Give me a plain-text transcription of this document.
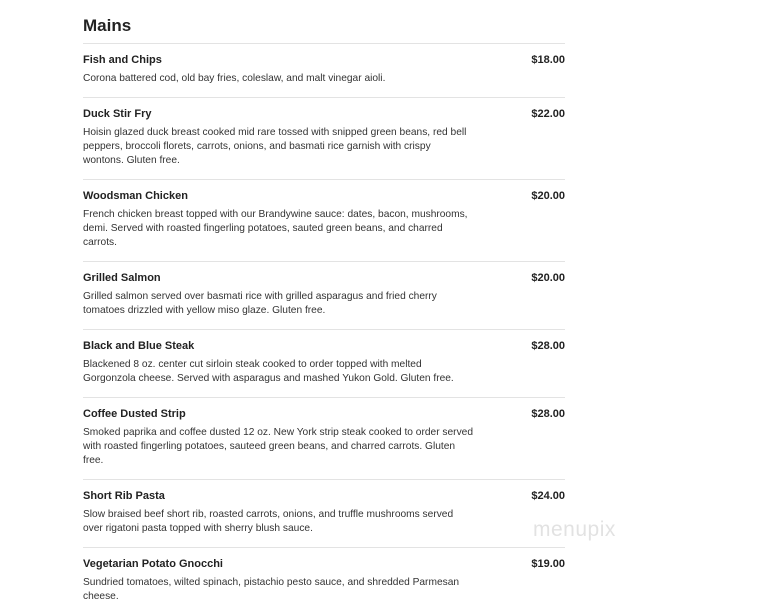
Mains
Fish and Chips	$18.00
Corona battered cod, old bay fries, coleslaw, and malt vinegar aioli.
Duck Stir Fry	$22.00
Hoisin glazed duck breast cooked mid rare tossed with snipped green beans, red bell peppers, broccoli florets, carrots, onions, and basmati rice garnish with crispy wontons. Gluten free.
Woodsman Chicken	$20.00
French chicken breast topped with our Brandywine sauce: dates, bacon, mushrooms, demi. Served with roasted fingerling potatoes, sauted green beans, and charred carrots.
Grilled Salmon	$20.00
Grilled salmon served over basmati rice with grilled asparagus and fried cherry tomatoes drizzled with yellow miso glaze. Gluten free.
Black and Blue Steak	$28.00
Blackened 8 oz. center cut sirloin steak cooked to order topped with melted Gorgonzola cheese. Served with asparagus and mashed Yukon Gold. Gluten free.
Coffee Dusted Strip	$28.00
Smoked paprika and coffee dusted 12 oz. New York strip steak cooked to order served with roasted fingerling potatoes, sauteed green beans, and charred carrots. Gluten free.
Short Rib Pasta	$24.00
Slow braised beef short rib, roasted carrots, onions, and truffle mushrooms served over rigatoni pasta topped with sherry blush sauce.
Vegetarian Potato Gnocchi	$19.00
Sundried tomatoes, wilted spinach, pistachio pesto sauce, and shredded Parmesan cheese.
menupix
